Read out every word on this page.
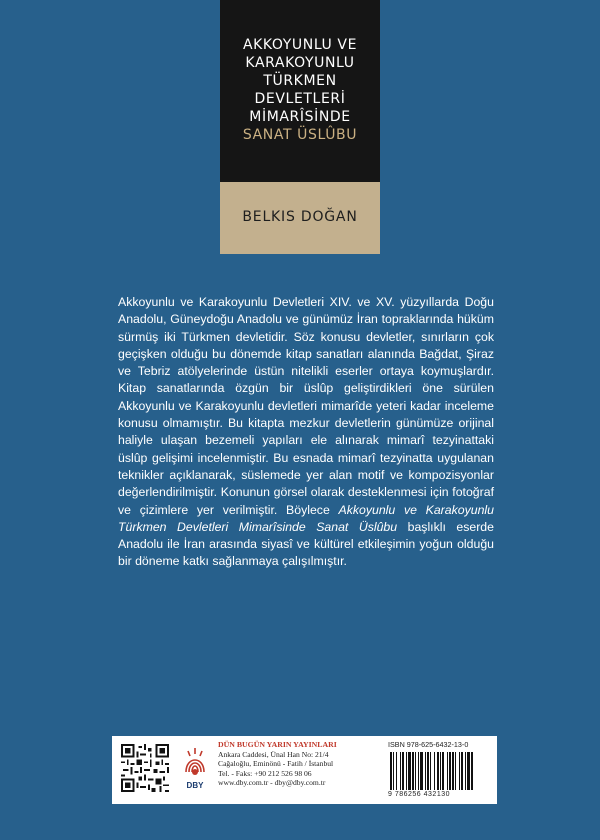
AKKOYUNLU VE
KARAKOYUNLU
TÜRKMEN
DEVLETLERİ
MİMARÎSİNDE
SANAT ÜSLÛBU
BELKIS DOĞAN
Akkoyunlu ve Karakoyunlu Devletleri XIV. ve XV. yüzyıllarda Doğu Anadolu, Güneydoğu Anadolu ve günümüz İran topraklarında hüküm sürmüş iki Türkmen devletidir. Söz konusu devletler, sınırların çok geçişken olduğu bu dönemde kitap sanatları alanında Bağdat, Şiraz ve Tebriz atölyelerinde üstün nitelikli eserler ortaya koymuşlardır. Kitap sanatlarında özgün bir üslûp geliştirdikleri öne sürülen Akkoyunlu ve Karakoyunlu devletleri mimarîde yeteri kadar inceleme konusu olmamıştır. Bu kitapta mezkur devletlerin günümüze orijinal haliyle ulaşan bezemeli yapıları ele alınarak mimarî tezyinattaki üslûp gelişimi incelenmiştir. Bu esnada mimarî tezyinatta uygulanan teknikler açıklanarak, süslemede yer alan motif ve kompozisyonlar değerlendirilmiştir. Konunun görsel olarak desteklenmesi için fotoğraf ve çizimlere yer verilmiştir. Böylece Akkoyunlu ve Karakoyunlu Türkmen Devletleri Mimarîsinde Sanat Üslûbu başlıklı eserde Anadolu ile İran arasında siyasî ve kültürel etkileşimin yoğun olduğu bir döneme katkı sağlanmaya çalışılmıştır.
DBY
DÜN BUGÜN YARIN YAYINLARI
Ankara Caddesi, Ünal Han No: 21/4
Cağaloğlu, Eminönü - Fatih / İstanbul
Tel. - Faks: +90 212 526 98 06
www.dby.com.tr - dby@dby.com.tr
ISBN 978-625-6432-13-0
9 786256 432130
